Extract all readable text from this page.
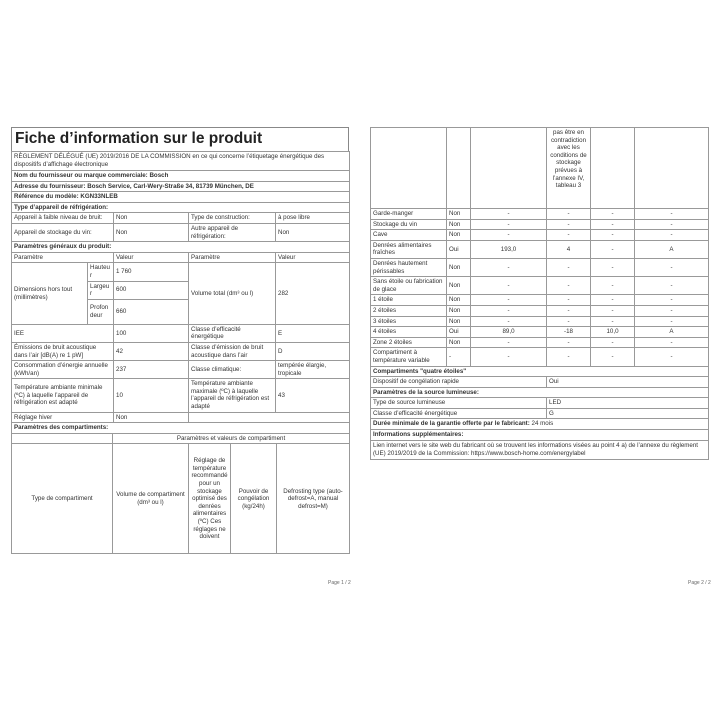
Fiche d’information sur le produit
RÈGLEMENT DÉLÉGUÉ (UE) 2019/2016 DE LA COMMISSION en ce qui concerne l’étiquetage énergétique des dispositifs d’affichage électronique				
Nom du fournisseur ou marque commerciale: Bosch				
Adresse du fournisseur: Bosch Service, Carl-Wery-Straße 34, 81739 München, DE				
Référence du modèle: KGN33NLEB				
Type d’appareil de réfrigération:				
Appareil à faible niveau de bruit:		Non	Type de construction:	à pose libre
Appareil de stockage du vin:		Non	Autre appareil de réfrigération:	Non
Paramètres généraux du produit:				
Paramètre		Valeur	Paramètre	Valeur
Dimensions hors tout (millimètres)	Hauteur	1 760	Volume total (dm³ ou l)	282
	Largeur	600		
	Profondeur	660		
IEE		100	Classe d’efficacité énergétique	E
Émissions de bruit acoustique dans l’air [dB(A) re 1 pW]		42	Classe d’émission de bruit acoustique dans l’air	D
Consommation d’énergie annuelle (kWh/an)		237	Classe climatique:	tempérée élargie, tropicale
Température ambiante minimale (ºC) à laquelle l’appareil de réfrigération est adapté		10	Température ambiante maximale (ºC) à laquelle l’appareil de réfrigération est adapté	43
Réglage hiver		Non		
Paramètres des compartiments:				
	Paramètres et valeurs de compartiment			
Type de compartiment	Volume de compartiment (dm³ ou l)	Réglage de température recommandé pour un stockage optimisé des denrées alimentaires (ºC) Ces réglages ne doivent	Pouvoir de congélation (kg/24h)	Defrosting type (auto-defrost=A, manual defrost=M)
Page 1 / 2
			pas être en contradiction avec les conditions de stockage prévues à l’annexe IV, tableau 3		
Garde-manger	Non	-	-	-	-
Stockage du vin	Non	-	-	-	-
Cave	Non	-	-	-	-
Denrées alimentaires fraîches	Oui	193,0	4	-	A
Denrées hautement périssables	Non	-	-	-	-
Sans étoile ou fabrication de glace	Non	-	-	-	-
1 étoile	Non	-	-	-	-
2 étoiles	Non	-	-	-	-
3 étoiles	Non	-	-	-	-
4 étoiles	Oui	89,0	-18	10,0	A
Zone 2 étoiles	Non	-	-	-	-
Compartiment à température variable	-	-	-	-	-
Compartiments "quatre étoiles"	
Dispositif de congélation rapide	Oui
Paramètres de la source lumineuse:	
Type de source lumineuse	LED
Classe d’efficacité énergétique	G
Durée minimale de la garantie offerte par le fabricant: 24 mois	
Informations supplémentaires:	
Lien internet vers le site web du fabricant où se trouvent les informations visées au point 4 a) de l’annexe du règlement (UE) 2019/2019 de la Commission: https://www.bosch-home.com/energylabel	
Page 2 / 2
